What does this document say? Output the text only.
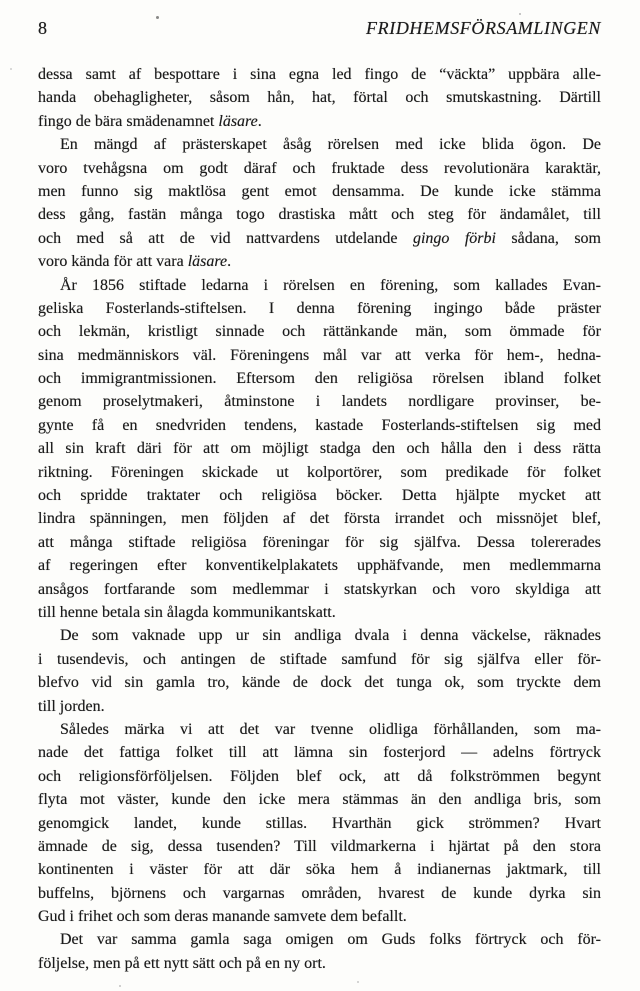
8	FRIDHEMSFÖRSAMLINGEN
dessa samt af bespottare i sina egna led fingo de “väckta” uppbära alle-
handa obehagligheter, såsom hån, hat, förtal och smutskastning. Därtill
fingo de bära smädenamnet läsare.
En mängd af prästerskapet åsåg rörelsen med icke blida ögon. De
voro tvehågsna om godt däraf och fruktade dess revolutionära karaktär,
men funno sig maktlösa gent emot densamma. De kunde icke stämma
dess gång, fastän många togo drastiska mått och steg för ändamålet, till
och med så att de vid nattvardens utdelande gingo förbi sådana, som
voro kända för att vara läsare.
År 1856 stiftade ledarna i rörelsen en förening, som kallades Evan-
geliska Fosterlands-stiftelsen. I denna förening ingingo både präster
och lekmän, kristligt sinnade och rättänkande män, som ömmade för
sina medmänniskors väl. Föreningens mål var att verka för hem-, hedna-
och immigrantmissionen. Eftersom den religiösa rörelsen ibland folket
genom proselytmakeri, åtminstone i landets nordligare provinser, be-
gynte få en snedvriden tendens, kastade Fosterlands-stiftelsen sig med
all sin kraft däri för att om möjligt stadga den och hålla den i dess rätta
riktning. Föreningen skickade ut kolportörer, som predikade för folket
och spridde traktater och religiösa böcker. Detta hjälpte mycket att
lindra spänningen, men följden af det första irrandet och missnöjet blef,
att många stiftade religiösa föreningar för sig själfva. Dessa tolererades
af regeringen efter konventikelplakatets upphäfvande, men medlemmarna
ansågos fortfarande som medlemmar i statskyrkan och voro skyldiga att
till henne betala sin ålagda kommunikantskatt.
De som vaknade upp ur sin andliga dvala i denna väckelse, räknades
i tusendevis, och antingen de stiftade samfund för sig själfva eller för-
blefvo vid sin gamla tro, kände de dock det tunga ok, som tryckte dem
till jorden.
Således märka vi att det var tvenne olidliga förhållanden, som ma-
nade det fattiga folket till att lämna sin fosterjord — adelns förtryck
och religionsförföljelsen. Följden blef ock, att då folkströmmen begynt
flyta mot väster, kunde den icke mera stämmas än den andliga bris, som
genomgick landet, kunde stillas. Hvarthän gick strömmen? Hvart
ämnade de sig, dessa tusenden? Till vildmarkerna i hjärtat på den stora
kontinenten i väster för att där söka hem å indianernas jaktmark, till
buffelns, björnens och vargarnas områden, hvarest de kunde dyrka sin
Gud i frihet och som deras manande samvete dem befallt.
Det var samma gamla saga omigen om Guds folks förtryck och för-
följelse, men på ett nytt sätt och på en ny ort.
